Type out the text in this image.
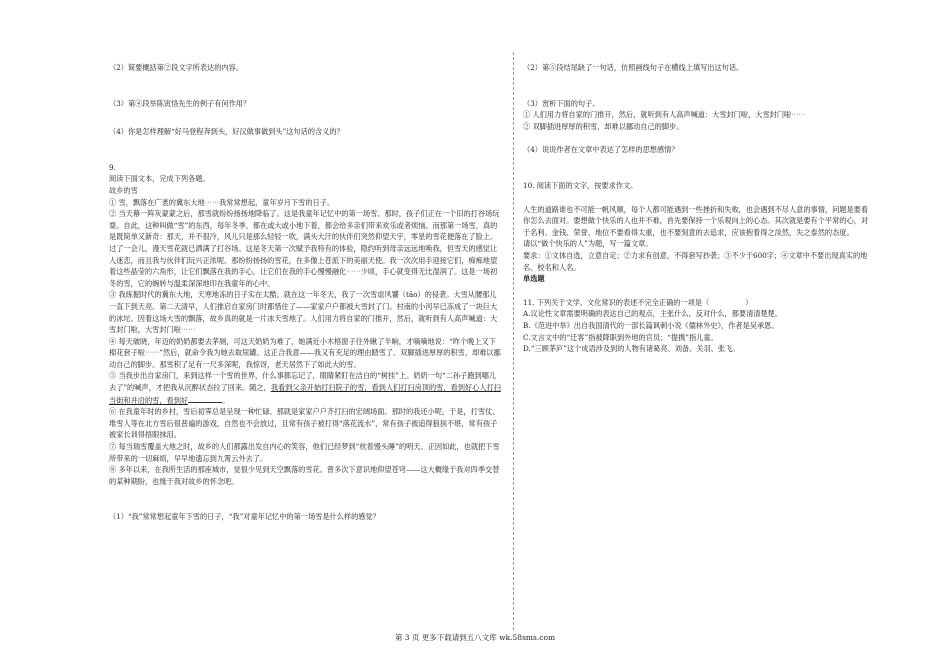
（2）简要概括第②段文字所表达的内容。

（3）第④段举陈寅恪先生的例子有何作用？

（4）你是怎样理解“好马登程奔到头，好汉做事做到头”这句话的含义的？

9.

阅读下面文本，完成下列各题。

故乡的雪

① 雪，飘落在广袤的冀东大地⋯⋯我常常想起，童年岁月下雪的日子。

② 当天幕一阵灰蒙蒙之后，那雪就纷纷扬扬地降临了。这是我童年记忆中的第一场雪。那时，孩子们正在一个旧的打谷场玩耍。自此，这种叫做“雪”的东西，每年冬季，都在或大或小地下着，都会给多亲们带来欢乐或者烦恼。而那第一场雪，真的是既简单又新奇：那天，并不很冷，风儿只是那么轻轻一吹，满头大汗的伙伴们突然仰望天宇，零星的雪花便落在了脸上。过了一会儿，漫天雪花就已洒满了打谷场。这是冬天第一次赋予我特有的体验，隐约听到母亲远远地唤我，但雪天的感觉让人迷恋，而且我与伙伴们玩兴正浓呢。那纷纷扬扬的雪花，在多像上苍派下的美丽天使。我一次次用手迎接它们，痴痴地望着这些晶莹的六角形，让它们飘落在我的手心，让它们在我的手心慢慢融化⋯⋯少顷，手心就变得无比湿润了。这是一场初冬的雪，它的婉转与温柔深深地印在我童年的心中。

③ 我练掘时代的冀东大地，天寒地冻的日子实在太酷。就在这一年冬天，我了一次雪虐风饕（tāo）的侵袭。大雪从腰那儿一直下到天亮。第二天清早，人们推启自家房门时都惜住了——家家户户都被大雪封了门。村南的小河早已冻成了一块巨大的冰坨。因着这场大雪的飘落，故乡真的就是一片冰天雪地了。人们用力将自家的门推开，然后，就听到有人高声喊道：大雪封门啦，大雪封门啦⋯⋯

④ 每天破晓，年迈的奶奶都要去茅厕，可这天奶奶为难了，她满近小木格窗子往外瞅了半晌，才嘀嘀地说：“昨个晚上又下棉花套子啦⋯⋯”然后，就命令我为她去取尿罐。这正合我意——我又有充足的理由踏雪了。双脚插进厚厚的积雪，却难以挪动自己的脚步。那雪积了足有一尺多深呢，我惊讶，老天居然下了如此大的雪。

⑤ 当我步出自家房门，来到这样一个雪的世界，什么事都忘记了，眼睛紧盯在洁白的“树挂”上。奶奶一句“二孙子跑到哪儿去了”的喊声，才把我从沉醉状态拉了回来。随之，我看到父亲开始打扫院子的雪，看到人们打扫房顶的雪，看到好心人打扫当街和井沿的雪，看到好	。

⑥ 在我童年时的乡村，雪后初霁总是呈现一种忙碌、那就是家家户户齐打扫的宏阔场面。那时的我还小呢，于是，打雪仗、堆雪人等在北方雪后很普遍的游戏，自然也不会放过，且常有孩子被打得“落花流水”，常有孩子被追得狼狈不堪，常有孩子被家长训得捂眼抹泪。

⑦ 每当瑞雪覆盖大地之时，故乡的人们都露出发自内心的笑容，他们已经梦到“枕着馒头睡”的明天。正因如此，也就把下雪所带来的一切麻烦，早早地遗忘到九霄云外去了。

⑧ 多年以来，在我所生活的那座城市，觉很少见到天空飘落的雪花。曾多次下意识地仰望苍穹——这大概缘于我对四季交替的某种期盼，也缘于我对故乡的怀念吧。

（1）“我”常常想起童年下雪的日子，“我”对童年记忆中的第一场雪是什么样的感觉？

（2）第⑤段结尾缺了一句话，仿照画线句子在横线上填写出这句话。

（3）赏析下面的句子。

① 人们用力将自家的门推开，然后，就听到有人高声喊道：大雪封门啦，大雪封门啦⋯⋯

② 双脚插进厚厚的积雪，却难以挪动自己的脚步。

（4）说说作者在文章中表达了怎样的思想感情？

10. 阅读下面的文字，按要求作文。

人生的道路谁也不可能一帆风顺，每个人都可能遇到一些挫折和失败，也会遇到不尽人意的事情，问题是要看你怎么去面对。要想做个快乐的人也并不难。首先要保持一个乐观向上的心态。其次就是要有个平常的心，对于名利、金钱、荣誉、地位不要看得太重，也不要刻意的去追求，应该抱着得之淡然，失之泰然的态度。

请以“做个快乐的人”为题，写一篇文章。

要求：①文体自选，立意自定；②力求有创意，不得套写抄袭；③不少于600字；④文章中不要出现真实的地名、校名和人名。

单选题

11. 下列关于文学、文化常识的表述不完全正确的一项是（　　　　　）

A.议论性文章需要明确的表达自己的观点，主张什么，反对什么，都要清清楚楚。

B.《范进中举》出自我国清代的一部长篇讽刺小说《儒林外史》，作者是吴承恩。

C.文言文中的“迁客”指被降职到外地的官员；“提携”指儿童。

D.“三顾茅庐”这个成语涉及到的人物有诸葛亮、刘备、关羽、张飞。

第 3 页 更多下载请到五八文库 wk.58sms.com
